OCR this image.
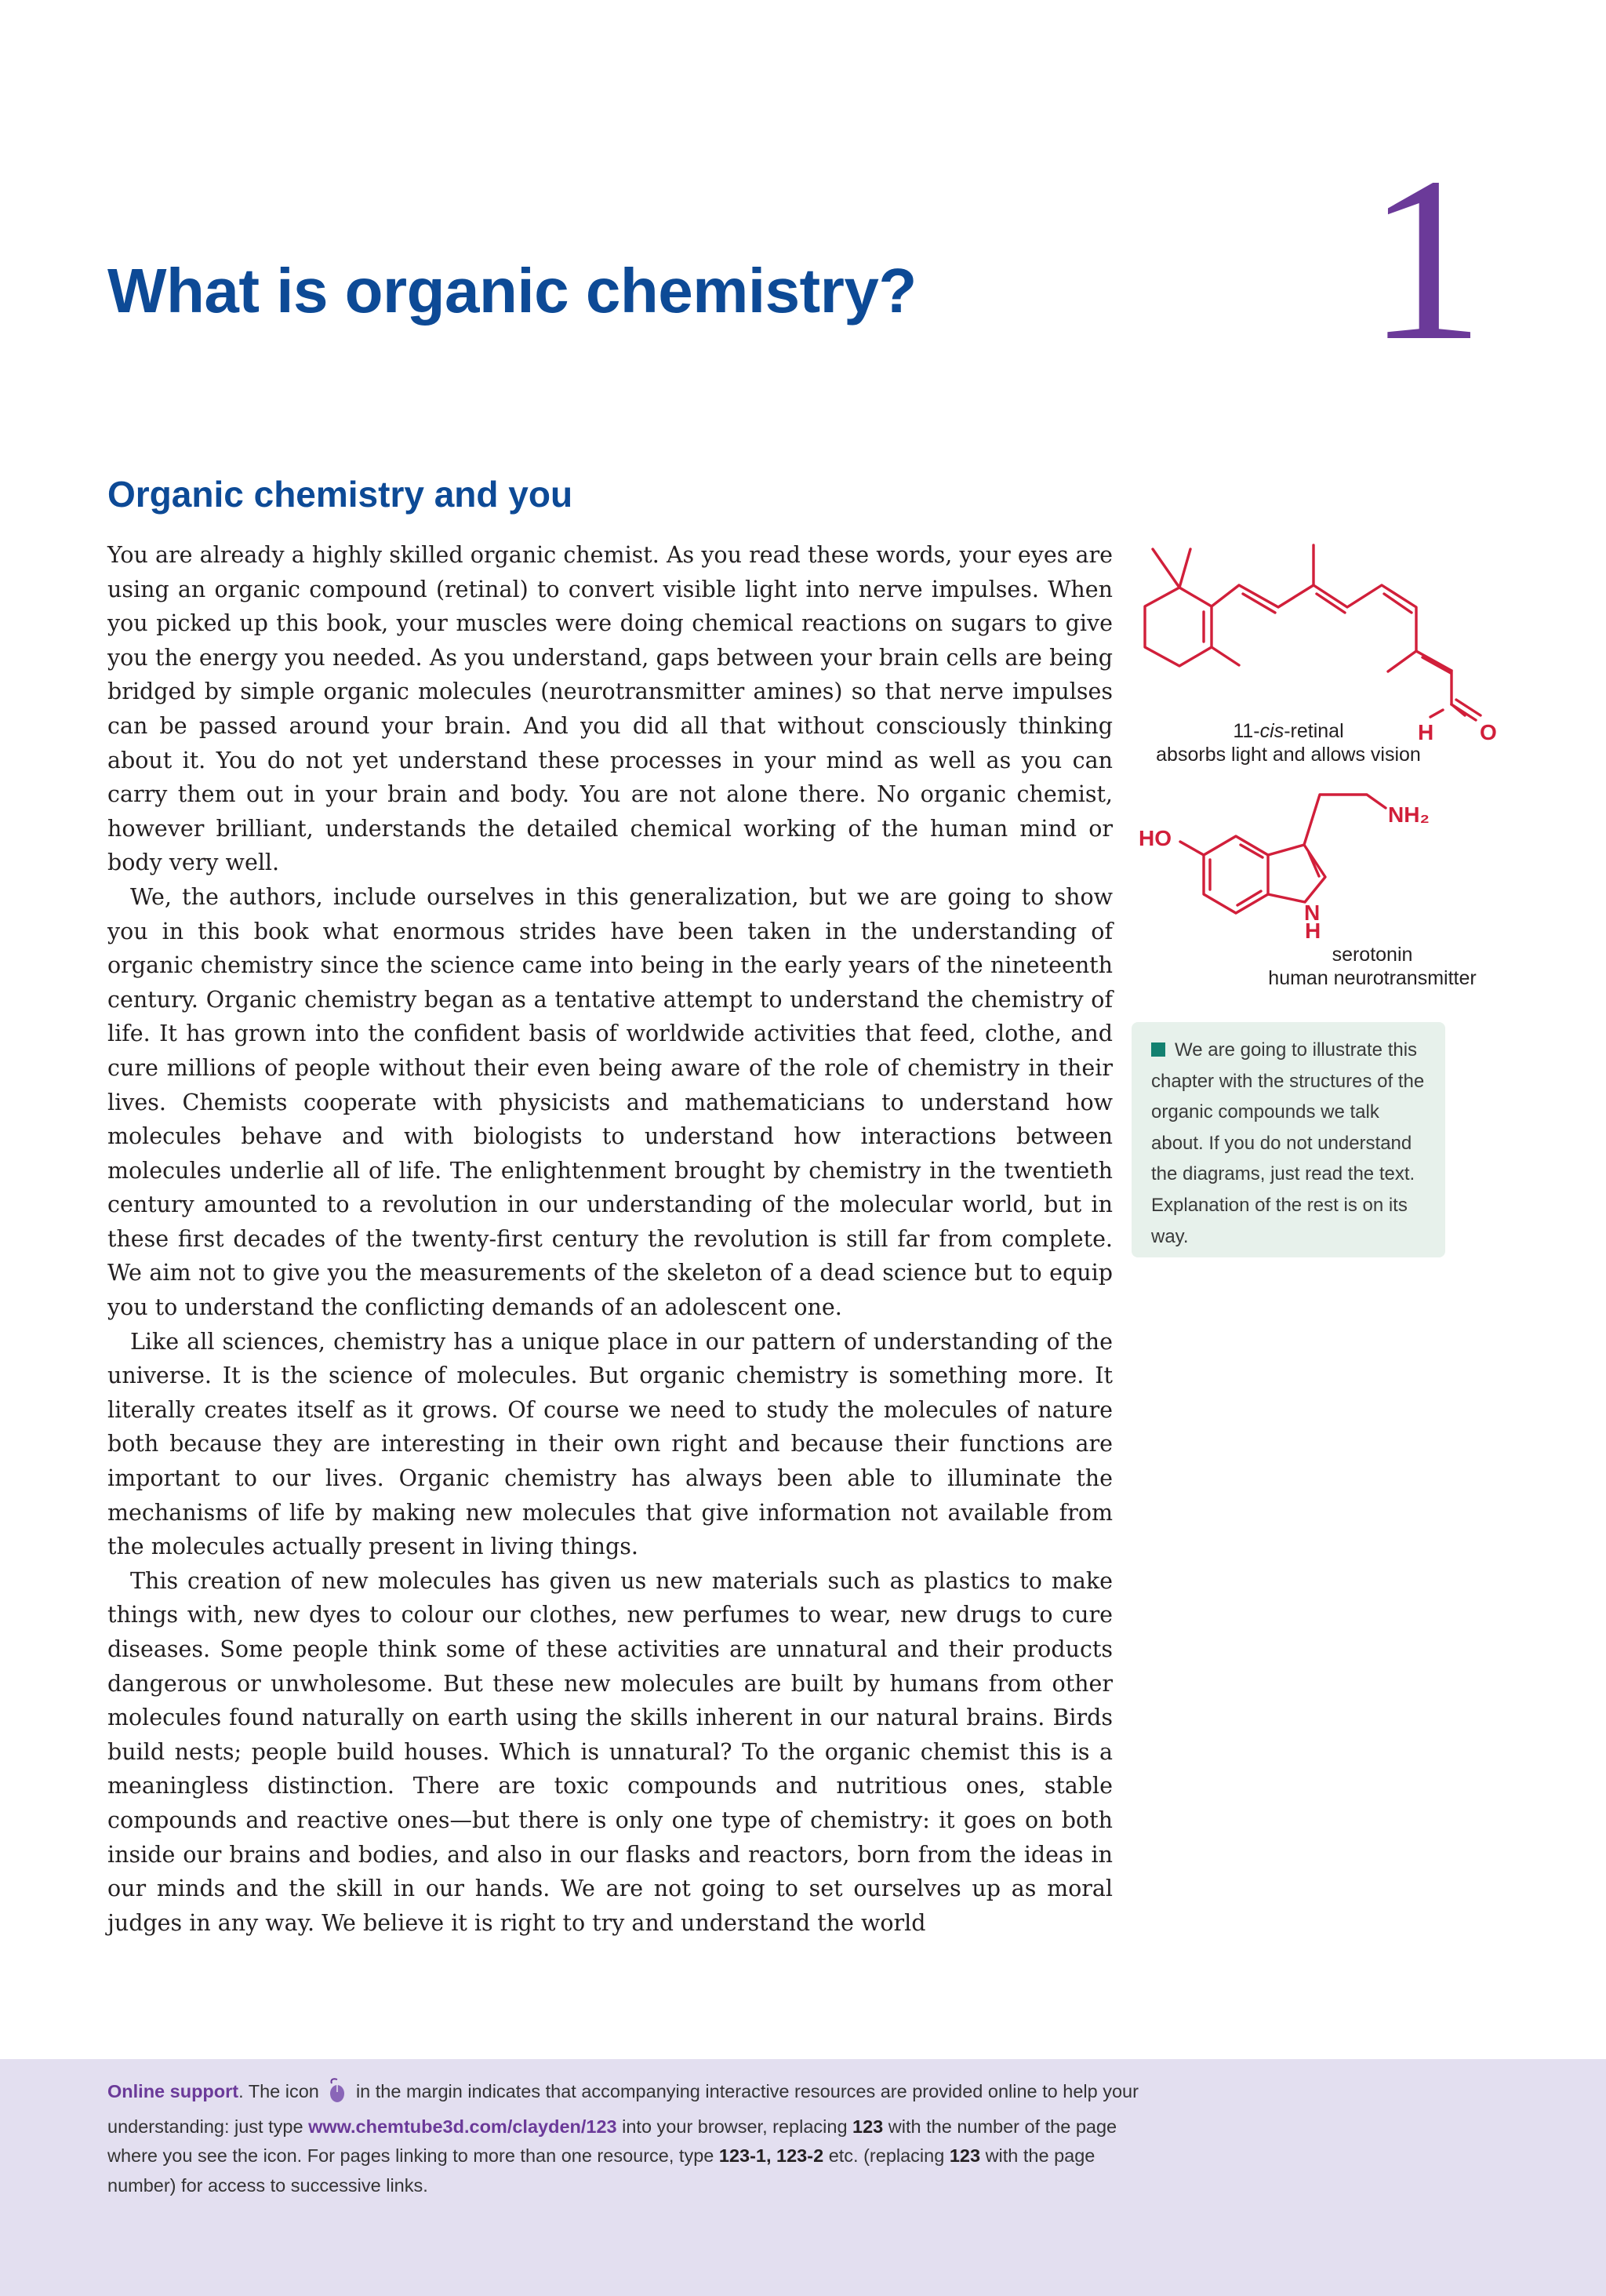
1
What is organic chemistry?
Organic chemistry and you

You are already a highly skilled organic chemist. As you read these words, your eyes are using an organic compound (retinal) to convert visible light into nerve impulses. When you picked up this book, your muscles were doing chemical reactions on sugars to give you the energy you needed. As you understand, gaps between your brain cells are being bridged by simple organic molecules (neurotransmitter amines) so that nerve impulses can be passed around your brain. And you did all that without consciously thinking about it. You do not yet understand these processes in your mind as well as you can carry them out in your brain and body. You are not alone there. No organic chemist, however brilliant, understands the detailed chemical working of the human mind or body very well.

We, the authors, include ourselves in this generalization, but we are going to show you in this book what enormous strides have been taken in the understanding of organic chemistry since the science came into being in the early years of the nineteenth century. Organic chemistry began as a tentative attempt to understand the chemistry of life. It has grown into the confident basis of worldwide activities that feed, clothe, and cure millions of people without their even being aware of the role of chemistry in their lives. Chemists cooperate with physicists and mathematicians to understand how molecules behave and with biologists to understand how interactions between molecules underlie all of life. The enlightenment brought by chemistry in the twentieth century amounted to a revolution in our understanding of the molecular world, but in these first decades of the twenty-first century the revolution is still far from complete. We aim not to give you the measurements of the skeleton of a dead science but to equip you to understand the conflicting demands of an adolescent one.

Like all sciences, chemistry has a unique place in our pattern of understanding of the universe. It is the science of molecules. But organic chemistry is something more. It literally creates itself as it grows. Of course we need to study the molecules of nature both because they are interesting in their own right and because their functions are important to our lives. Organic chemistry has always been able to illuminate the mechanisms of life by making new molecules that give information not available from the molecules actually present in living things.

This creation of new molecules has given us new materials such as plastics to make things with, new dyes to colour our clothes, new perfumes to wear, new drugs to cure diseases. Some people think some of these activities are unnatural and their products dangerous or unwholesome. But these new molecules are built by humans from other molecules found naturally on earth using the skills inherent in our natural brains. Birds build nests; people build houses. Which is unnatural? To the organic chemist this is a meaningless distinction. There are toxic compounds and nutritious ones, stable compounds and reactive ones—but there is only one type of chemistry: it goes on both inside our brains and bodies, and also in our flasks and reactors, born from the ideas in our minds and the skill in our hands. We are not going to set ourselves up as moral judges in any way. We believe it is right to try and understand the world

H O
11-cis-retinal
absorbs light and allows vision
HO
NH₂
N
H
serotonin
human neurotransmitter
We are going to illustrate this chapter with the structures of the organic compounds we talk about. If you do not understand the diagrams, just read the text. Explanation of the rest is on its way.
Online support. The icon in the margin indicates that accompanying interactive resources are provided online to help your understanding: just type www.chemtube3d.com/clayden/123 into your browser, replacing 123 with the number of the page where you see the icon. For pages linking to more than one resource, type 123-1, 123-2 etc. (replacing 123 with the page number) for access to successive links.
